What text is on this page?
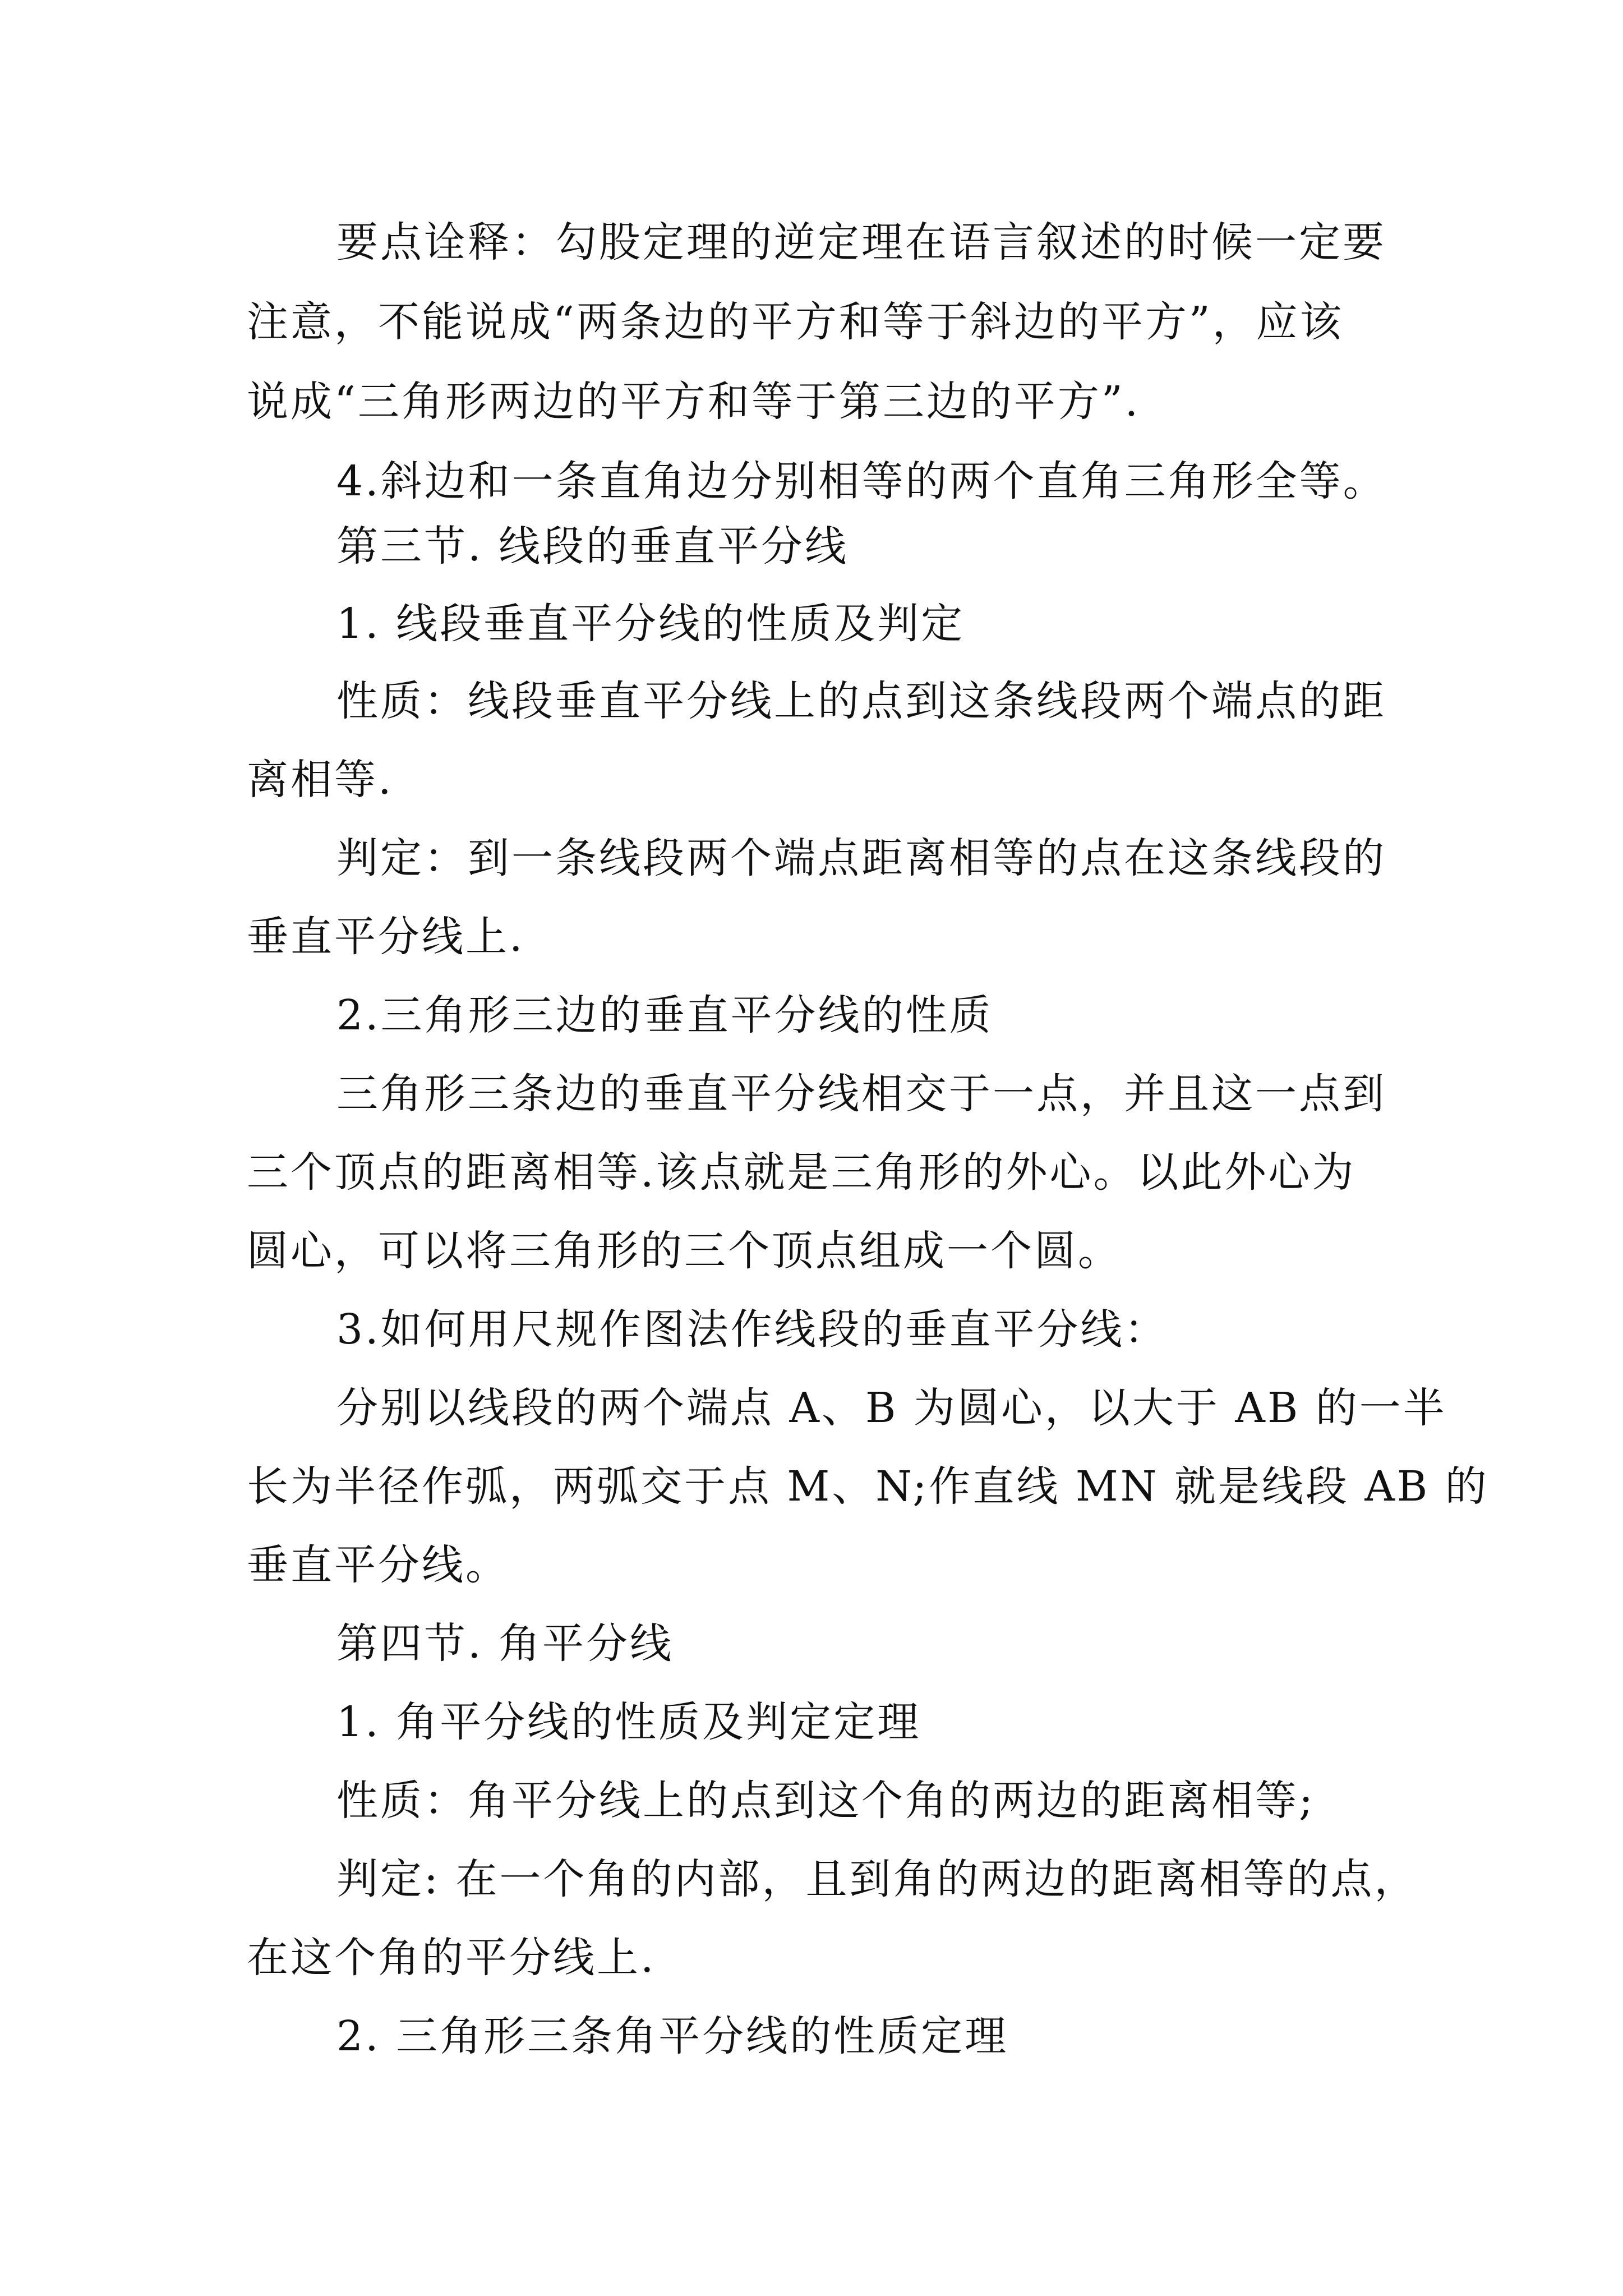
要点诠释：勾股定理的逆定理在语言叙述的时候一定要
注意，不能说成“两条边的平方和等于斜边的平方”，应该
说成“三角形两边的平方和等于第三边的平方”.
4.斜边和一条直角边分别相等的两个直角三角形全等。
第三节. 线段的垂直平分线
1. 线段垂直平分线的性质及判定
性质：线段垂直平分线上的点到这条线段两个端点的距
离相等.
判定：到一条线段两个端点距离相等的点在这条线段的
垂直平分线上.
2.三角形三边的垂直平分线的性质
三角形三条边的垂直平分线相交于一点，并且这一点到
三个顶点的距离相等.该点就是三角形的外心。以此外心为
圆心，可以将三角形的三个顶点组成一个圆。
3.如何用尺规作图法作线段的垂直平分线：
分别以线段的两个端点 A、B 为圆心，以大于 AB 的一半
长为半径作弧，两弧交于点 M、N;作直线 MN 就是线段 AB 的
垂直平分线。
第四节. 角平分线
1. 角平分线的性质及判定定理
性质：角平分线上的点到这个角的两边的距离相等;
判定: 在一个角的内部，且到角的两边的距离相等的点，
在这个角的平分线上.
2. 三角形三条角平分线的性质定理
